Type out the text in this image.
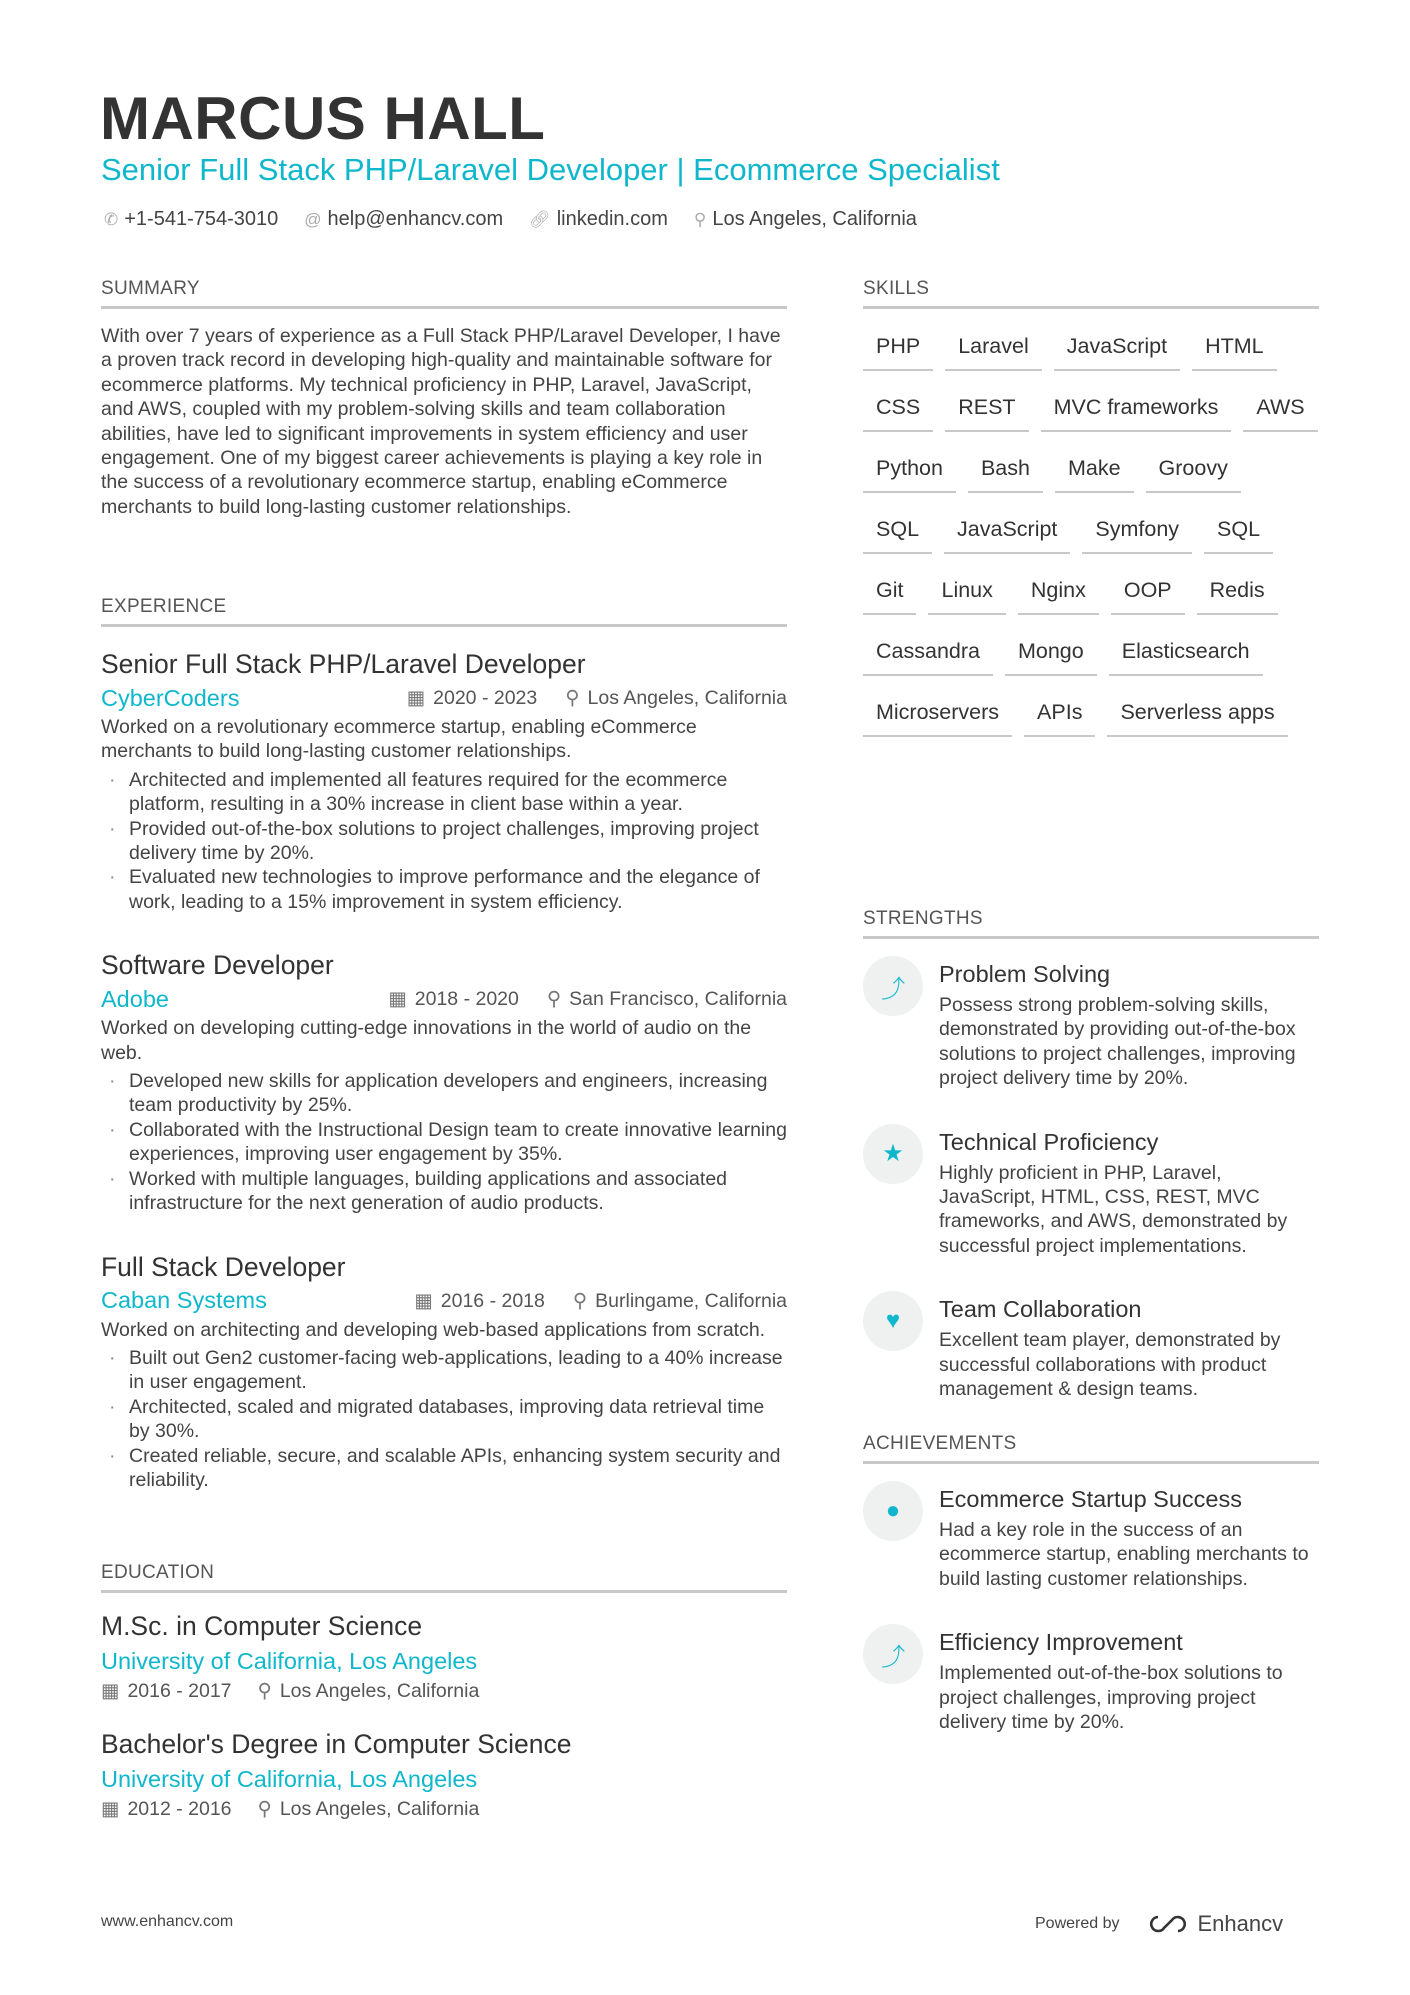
MARCUS HALL
Senior Full Stack PHP/Laravel Developer | Ecommerce Specialist
✆ +1-541-754-3010 @ help@enhancv.com 🔗︎ linkedin.com ⚲ Los Angeles, California
SUMMARY
With over 7 years of experience as a Full Stack PHP/Laravel Developer, I have a proven track record in developing high-quality and maintainable software for ecommerce platforms. My technical proficiency in PHP, Laravel, JavaScript, and AWS, coupled with my problem-solving skills and team collaboration abilities, have led to significant improvements in system efficiency and user engagement. One of my biggest career achievements is playing a key role in the success of a revolutionary ecommerce startup, enabling eCommerce merchants to build long-lasting customer relationships.
EXPERIENCE
Senior Full Stack PHP/Laravel Developer
CyberCoders	▦ 2020 - 2023 ⚲ Los Angeles, California
Worked on a revolutionary ecommerce startup, enabling eCommerce merchants to build long-lasting customer relationships.
· Architected and implemented all features required for the ecommerce platform, resulting in a 30% increase in client base within a year.
· Provided out-of-the-box solutions to project challenges, improving project delivery time by 20%.
· Evaluated new technologies to improve performance and the elegance of work, leading to a 15% improvement in system efficiency.
Software Developer
Adobe	▦ 2018 - 2020 ⚲ San Francisco, California
Worked on developing cutting-edge innovations in the world of audio on the web.
· Developed new skills for application developers and engineers, increasing team productivity by 25%.
· Collaborated with the Instructional Design team to create innovative learning experiences, improving user engagement by 35%.
· Worked with multiple languages, building applications and associated infrastructure for the next generation of audio products.
Full Stack Developer
Caban Systems	▦ 2016 - 2018 ⚲ Burlingame, California
Worked on architecting and developing web-based applications from scratch.
· Built out Gen2 customer-facing web-applications, leading to a 40% increase in user engagement.
· Architected, scaled and migrated databases, improving data retrieval time by 30%.
· Created reliable, secure, and scalable APIs, enhancing system security and reliability.
EDUCATION
M.Sc. in Computer Science
University of California, Los Angeles
▦ 2016 - 2017 ⚲ Los Angeles, California
Bachelor's Degree in Computer Science
University of California, Los Angeles
▦ 2012 - 2016 ⚲ Los Angeles, California
SKILLS
PHP	Laravel	JavaScript	HTML
CSS	REST	MVC frameworks	AWS
Python	Bash	Make	Groovy
SQL	JavaScript	Symfony	SQL
Git	Linux	Nginx	OOP	Redis
Cassandra	Mongo	Elasticsearch
Microservers	APIs	Serverless apps
STRENGTHS
⤴
Problem Solving
Possess strong problem-solving skills, demonstrated by providing out-of-the-box solutions to project challenges, improving project delivery time by 20%.
★	Technical Proficiency
Highly proficient in PHP, Laravel, JavaScript, HTML, CSS, REST, MVC frameworks, and AWS, demonstrated by successful project implementations.
♥	Team Collaboration
Excellent team player, demonstrated by successful collaborations with product management & design teams.
ACHIEVEMENTS
●	Ecommerce Startup Success
Had a key role in the success of an ecommerce startup, enabling merchants to build lasting customer relationships.
⤴
Efficiency Improvement
Implemented out-of-the-box solutions to project challenges, improving project delivery time by 20%.
www.enhancv.com	Powered by	Enhancv
